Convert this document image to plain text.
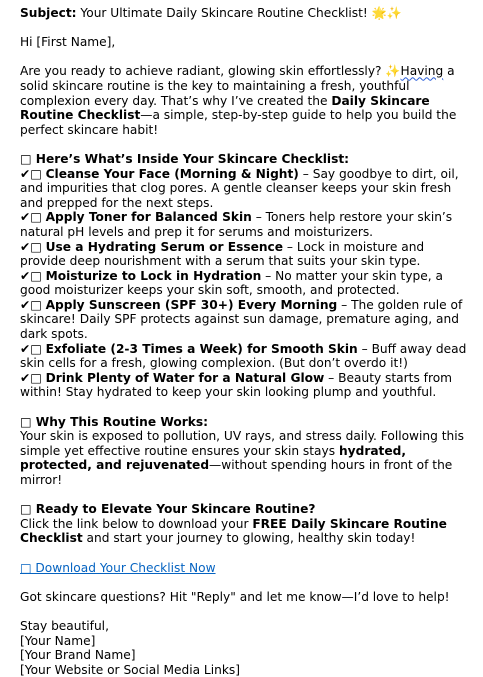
Subject: Your Ultimate Daily Skincare Routine Checklist! 🌟✨

Hi [First Name],

Are you ready to achieve radiant, glowing skin effortlessly? ✨Having a solid skincare routine is the key to maintaining a fresh, youthful complexion every day. That’s why I’ve created the Daily Skincare Routine Checklist—a simple, step-by-step guide to help you build the perfect skincare habit!

□ Here’s What’s Inside Your Skincare Checklist:

✔□ Cleanse Your Face (Morning & Night) – Say goodbye to dirt, oil, and impurities that clog pores. A gentle cleanser keeps your skin fresh and prepped for the next steps.

✔□ Apply Toner for Balanced Skin – Toners help restore your skin’s natural pH levels and prep it for serums and moisturizers.

✔□ Use a Hydrating Serum or Essence – Lock in moisture and provide deep nourishment with a serum that suits your skin type.

✔□ Moisturize to Lock in Hydration – No matter your skin type, a good moisturizer keeps your skin soft, smooth, and protected.

✔□ Apply Sunscreen (SPF 30+) Every Morning – The golden rule of skincare! Daily SPF protects against sun damage, premature aging, and dark spots.

✔□ Exfoliate (2-3 Times a Week) for Smooth Skin – Buff away dead skin cells for a fresh, glowing complexion. (But don’t overdo it!)

✔□ Drink Plenty of Water for a Natural Glow – Beauty starts from within! Stay hydrated to keep your skin looking plump and youthful.

□ Why This Routine Works:

Your skin is exposed to pollution, UV rays, and stress daily. Following this simple yet effective routine ensures your skin stays hydrated, protected, and rejuvenated—without spending hours in front of the mirror!

□ Ready to Elevate Your Skincare Routine?

Click the link below to download your FREE Daily Skincare Routine Checklist and start your journey to glowing, healthy skin today!

□ Download Your Checklist Now

Got skincare questions? Hit "Reply" and let me know—I’d love to help!

Stay beautiful,

[Your Name]

[Your Brand Name]

[Your Website or Social Media Links]
